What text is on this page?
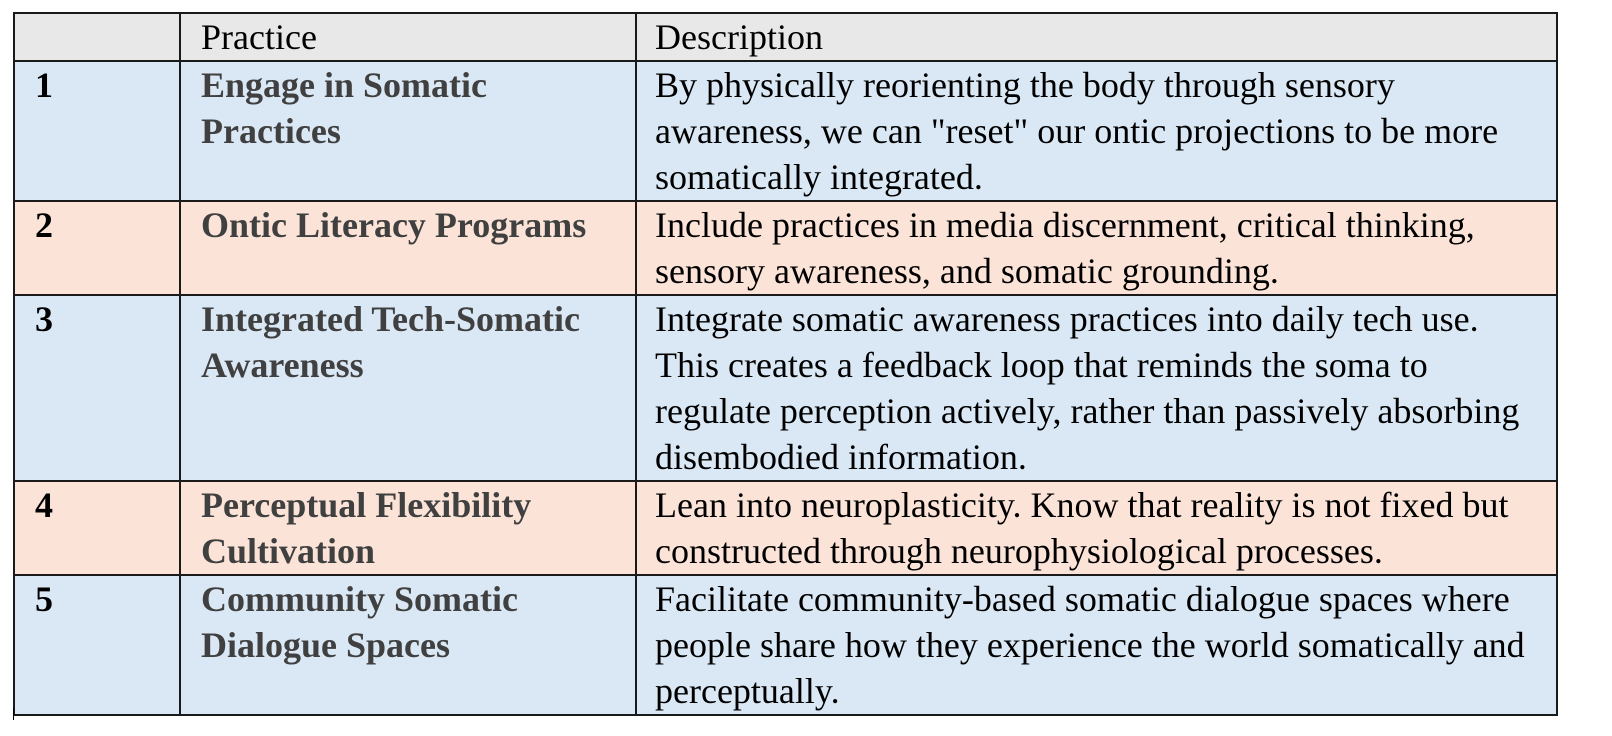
	Practice	Description
1	Engage in Somatic Practices	By physically reorienting the body through sensory awareness, we can "reset" our ontic projections to be more somatically integrated.
2	Ontic Literacy Programs	Include practices in media discernment, critical thinking, sensory awareness, and somatic grounding.
3	Integrated Tech-Somatic Awareness	Integrate somatic awareness practices into daily tech use. This creates a feedback loop that reminds the soma to regulate perception actively, rather than passively absorbing disembodied information.
4	Perceptual Flexibility Cultivation	Lean into neuroplasticity. Know that reality is not fixed but constructed through neurophysiological processes.
5	Community Somatic Dialogue Spaces	Facilitate community-based somatic dialogue spaces where people share how they experience the world somatically and perceptually.
